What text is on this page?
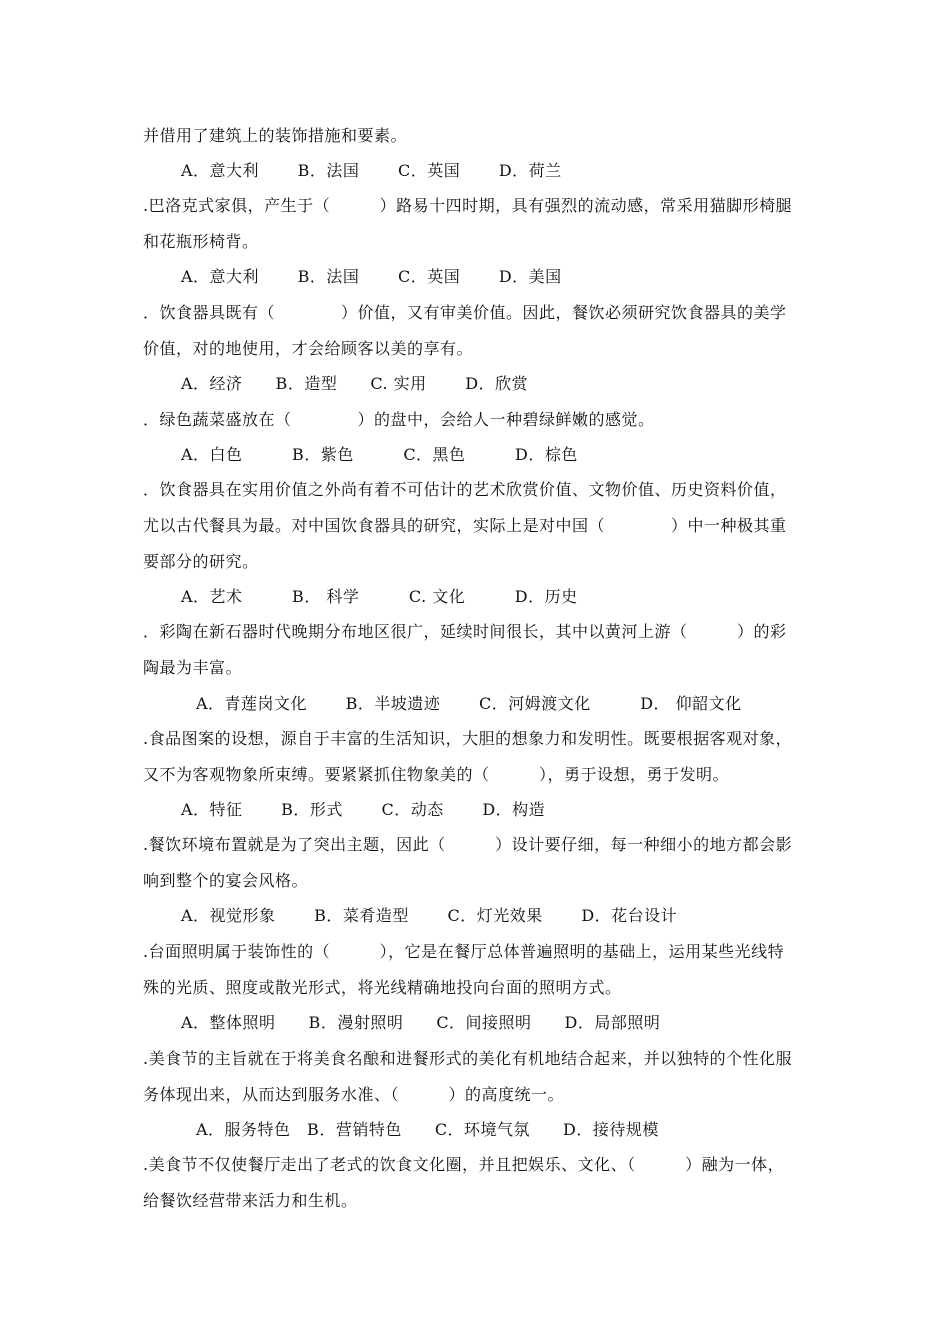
并借用了建筑上的装饰措施和要素。
A．意大利　　 B．法国　　 C．英国　　 D．荷兰
.巴洛克式家俱，产生于（　　　）路易十四时期，具有强烈的流动感，常采用猫脚形椅腿
和花瓶形椅背。
A．意大利　　 B．法国　　 C．英国　　 D．美国
．饮食器具既有（　　　　）价值，又有审美价值。因此，餐饮必须研究饮食器具的美学
价值，对的地使用，才会给顾客以美的享有。
A．经济　　B．造型　　C. 实用　　 D．欣赏
．绿色蔬菜盛放在（　　　　）的盘中，会给人一种碧绿鲜嫩的感觉。
A．白色　　　B．紫色　　　C．黑色　　　D．棕色
．饮食器具在实用价值之外尚有着不可估计的艺术欣赏价值、文物价值、历史资料价值，
尤以古代餐具为最。对中国饮食器具的研究，实际上是对中国（　　　　）中一种极其重
要部分的研究。
A．艺术　　　B． 科学　　　C. 文化　　　D．历史
．彩陶在新石器时代晚期分布地区很广，延续时间很长，其中以黄河上游（　　　）的彩
陶最为丰富。
A．青莲岗文化　　 B．半坡遗迹　　 C．河姆渡文化　　　D． 仰韶文化
.食品图案的设想，源自于丰富的生活知识，大胆的想象力和发明性。既要根据客观对象，
又不为客观物象所束缚。要紧紧抓住物象美的（　　　），勇于设想，勇于发明。
A．特征　　 B．形式　　 C．动态　　 D．构造
.餐饮环境布置就是为了突出主题，因此（　　　）设计要仔细，每一种细小的地方都会影
响到整个的宴会风格。
A．视觉形象　　 B．菜肴造型　　 C．灯光效果　　 D．花台设计
.台面照明属于装饰性的（　　　），它是在餐厅总体普遍照明的基础上，运用某些光线特
殊的光质、照度或散光形式，将光线精确地投向台面的照明方式。
A．整体照明　　B．漫射照明　　C．间接照明　　D．局部照明
.美食节的主旨就在于将美食名酿和进餐形式的美化有机地结合起来，并以独特的个性化服
务体现出来，从而达到服务水准、（　　　）的高度统一。
A．服务特色　B．营销特色　　C．环境气氛　　D．接待规模
.美食节不仅使餐厅走出了老式的饮食文化圈，并且把娱乐、文化、（　　　）融为一体，
给餐饮经营带来活力和生机。
